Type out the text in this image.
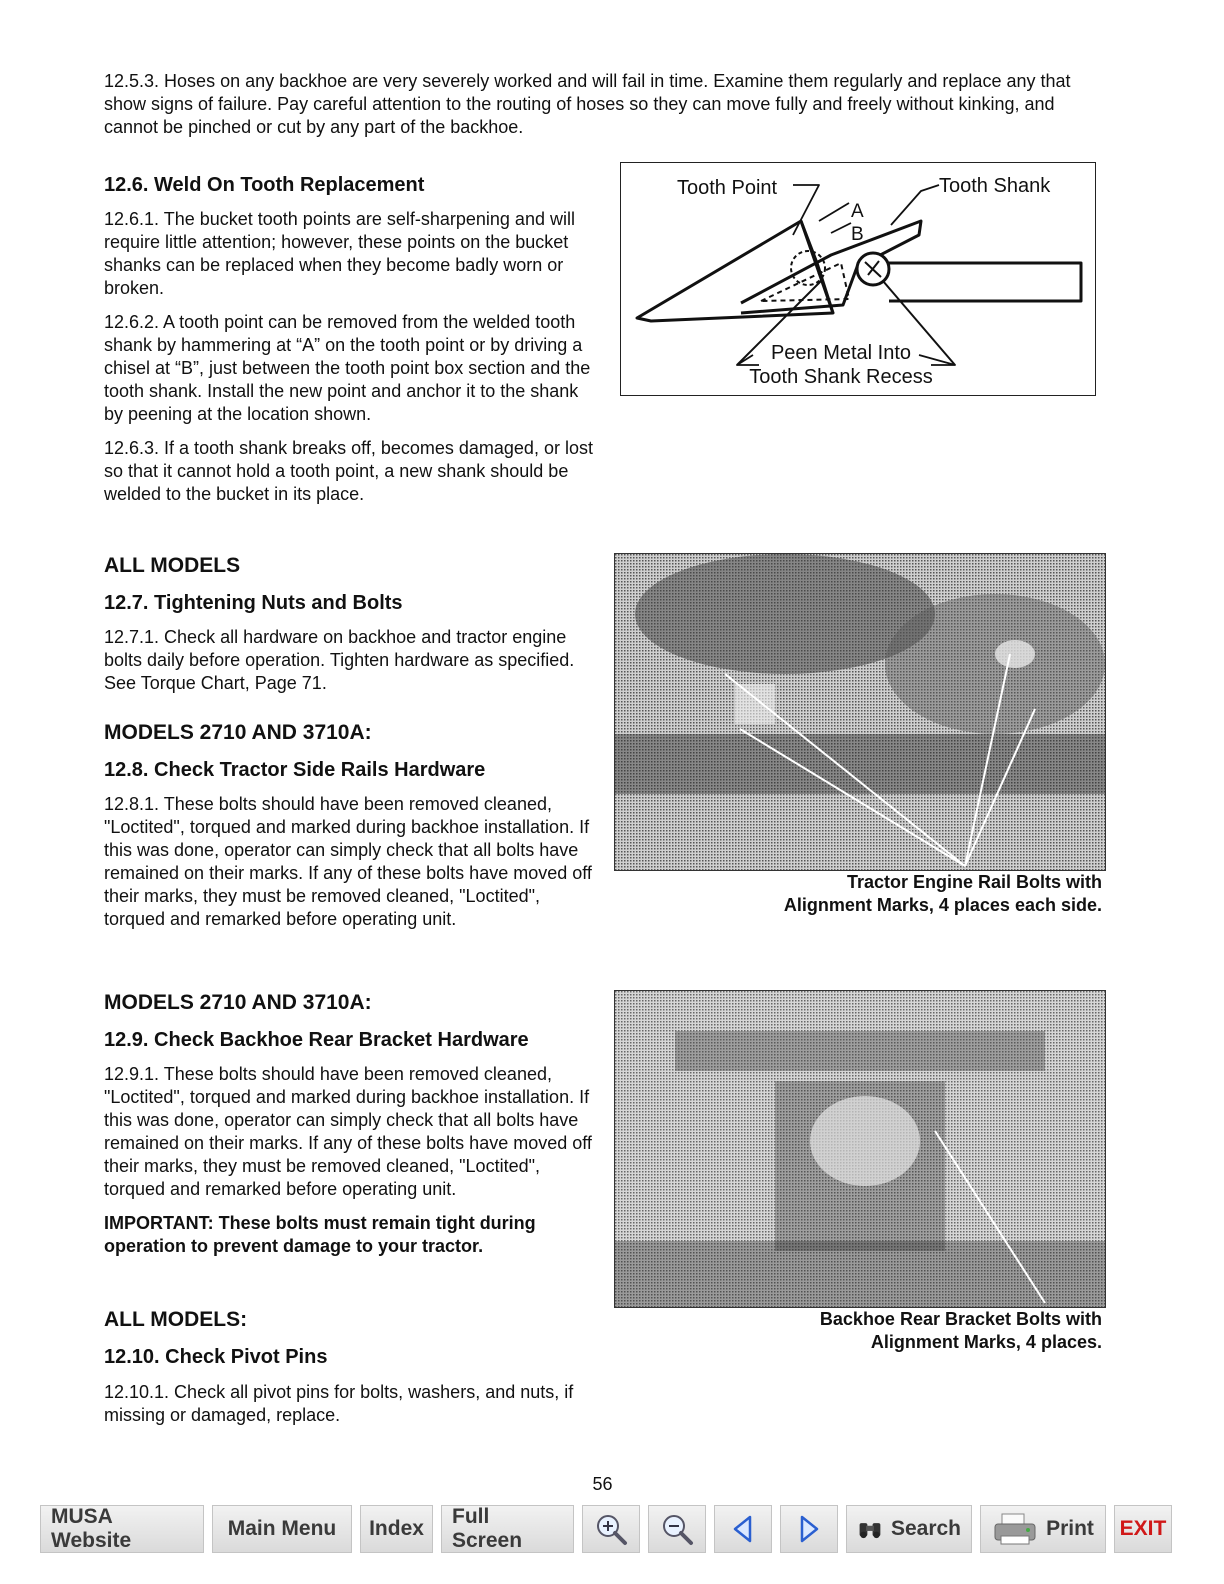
12.5.3. Hoses on any backhoe are very severely worked and will fail in time. Examine them regularly and replace any that show signs of failure. Pay careful attention to the routing of hoses so they can move fully and freely without kinking, and cannot be pinched or cut by any part of the backhoe.
12.6. Weld On Tooth Replacement

12.6.1. The bucket tooth points are self-sharpening and will require little attention; however, these points on the bucket shanks can be replaced when they become badly worn or broken.

12.6.2. A tooth point can be removed from the welded tooth shank by hammering at “A” on the tooth point or by driving a chisel at “B”, just between the tooth point box section and the tooth shank. Install the new point and anchor it to the shank by peening at the location shown.

12.6.3. If a tooth shank breaks off, becomes damaged, or lost so that it cannot hold a tooth point, a new shank should be welded to the bucket in its place.

Tooth Point	Tooth Shank
A
B
Peen Metal Into
Tooth Shank Recess
ALL MODELS
12.7. Tightening Nuts and Bolts

12.7.1. Check all hardware on backhoe and tractor engine bolts daily before operation. Tighten hardware as specified. See Torque Chart, Page 71.

MODELS 2710 AND 3710A:
12.8. Check Tractor Side Rails Hardware

12.8.1. These bolts should have been removed cleaned, "Loctited", torqued and marked during backhoe installation. If this was done, operator can simply check that all bolts have remained on their marks. If any of these bolts have moved off their marks, they must be removed cleaned, "Loctited", torqued and remarked before operating unit.

Tractor Engine Rail Bolts with
Alignment Marks, 4 places each side.
MODELS 2710 AND 3710A:
12.9. Check Backhoe Rear Bracket Hardware

12.9.1. These bolts should have been removed cleaned, "Loctited", torqued and marked during backhoe installation. If this was done, operator can simply check that all bolts have remained on their marks. If any of these bolts have moved off their marks, they must be removed cleaned, "Loctited", torqued and remarked before operating unit.

IMPORTANT: These bolts must remain tight during operation to prevent damage to your tractor.

Backhoe Rear Bracket Bolts with
Alignment Marks, 4 places.
ALL MODELS:
12.10. Check Pivot Pins

12.10.1. Check all pivot pins for bolts, washers, and nuts, if missing or damaged, replace.

56
MUSA Website
Main Menu	Index
Full Screen
Search	Print EXIT
